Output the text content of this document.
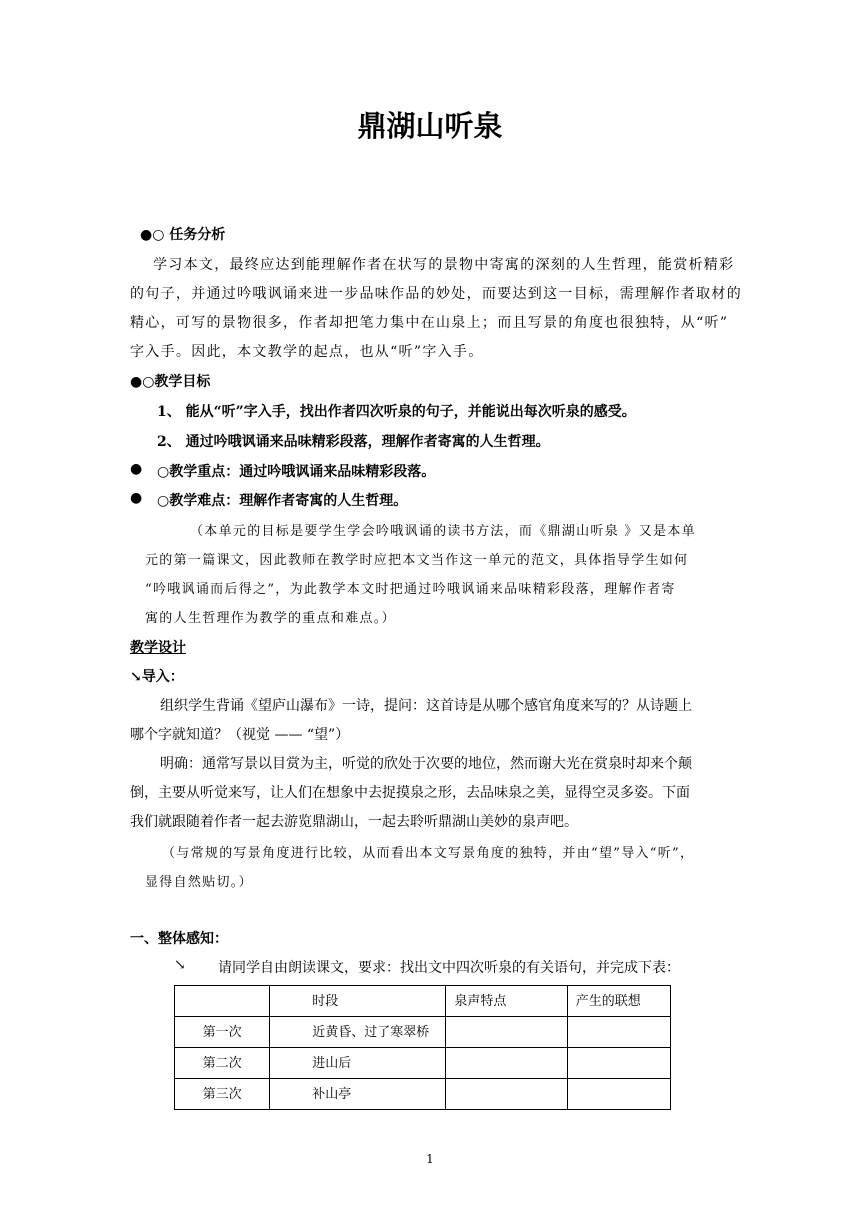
鼎湖山听泉
●○ 任务分析
学习本文，最终应达到能理解作者在状写的景物中寄寓的深刻的人生哲理，能赏析精彩
的句子，并通过吟哦讽诵来进一步品味作品的妙处，而要达到这一目标，需理解作者取材的
精心，可写的景物很多，作者却把笔力集中在山泉上；而且写景的角度也很独特，从“听”
字入手。因此，本文教学的起点，也从“听”字入手。
●○教学目标
1、 能从“听”字入手，找出作者四次听泉的句子，并能说出每次听泉的感受。
2、 通过吟哦讽诵来品味精彩段落，理解作者寄寓的人生哲理。
● ○教学重点：通过吟哦讽诵来品味精彩段落。
● ○教学难点：理解作者寄寓的人生哲理。
（本单元的目标是要学生学会吟哦讽诵的读书方法，而《鼎湖山听泉 》又是本单
元的第一篇课文，因此教师在教学时应把本文当作这一单元的范文，具体指导学生如何
“吟哦讽诵而后得之”，为此教学本文时把通过吟哦讽诵来品味精彩段落，理解作者寄
寓的人生哲理作为教学的重点和难点。）
教学设计
↘导入：
组织学生背诵《望庐山瀑布》一诗，提问：这首诗是从哪个感官角度来写的？从诗题上
哪个字就知道？（视觉 —— “望”）
明确：通常写景以目赏为主，听觉的欣处于次要的地位，然而谢大光在赏泉时却来个颠
倒，主要从听觉来写，让人们在想象中去捉摸泉之形，去品味泉之美，显得空灵多姿。下面
我们就跟随着作者一起去游览鼎湖山，一起去聆听鼎湖山美妙的泉声吧。
（与常规的写景角度进行比较，从而看出本文写景角度的独特，并由“望”导入“听”，
显得自然贴切。）
一、整体感知：
↘ 请同学自由朗读课文，要求：找出文中四次听泉的有关语句，并完成下表：
	时段	泉声特点	产生的联想
第一次	近黄昏、过了寒翠桥		
第二次	进山后		
第三次	补山亭		
1
